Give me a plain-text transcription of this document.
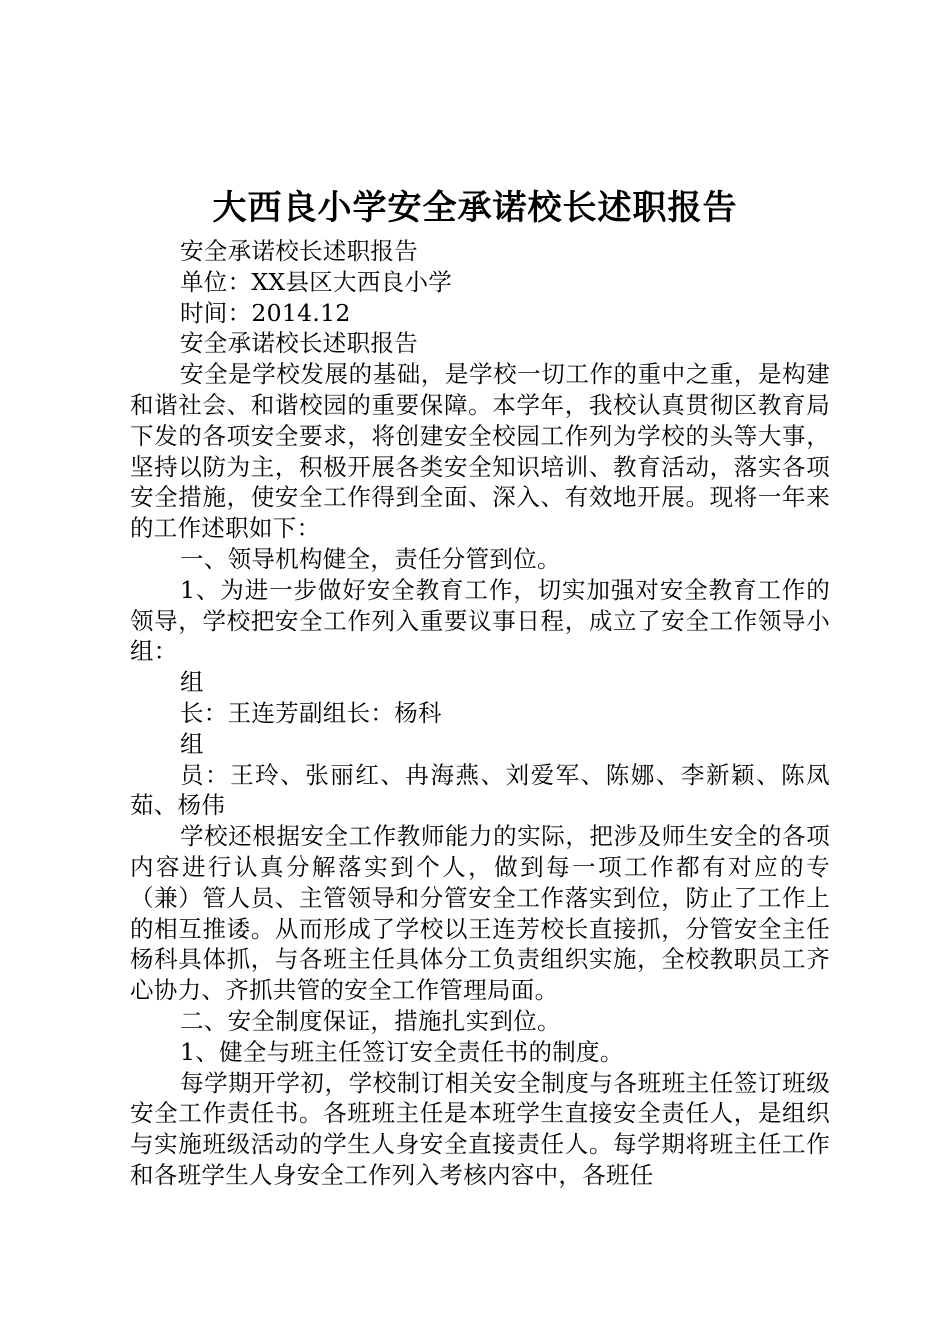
大西良小学安全承诺校长述职报告

安全承诺校长述职报告

单位：XX县区大西良小学

时间：2014.12

安全承诺校长述职报告

安全是学校发展的基础，是学校一切工作的重中之重，是构建和谐社会、和谐校园的重要保障。本学年，我校认真贯彻区教育局下发的各项安全要求，将创建安全校园工作列为学校的头等大事，坚持以防为主，积极开展各类安全知识培训、教育活动，落实各项安全措施，使安全工作得到全面、深入、有效地开展。现将一年来的工作述职如下：

一、领导机构健全，责任分管到位。

1、为进一步做好安全教育工作，切实加强对安全教育工作的领导，学校把安全工作列入重要议事日程，成立了安全工作领导小组：

组

长：王连芳副组长：杨科

组

员：王玲、张丽红、冉海燕、刘爱军、陈娜、李新颖、陈凤茹、杨伟

学校还根据安全工作教师能力的实际，把涉及师生安全的各项内容进行认真分解落实到个人，做到每一项工作都有对应的专（兼）管人员、主管领导和分管安全工作落实到位，防止了工作上的相互推诿。从而形成了学校以王连芳校长直接抓，分管安全主任杨科具体抓，与各班主任具体分工负责组织实施，全校教职员工齐心协力、齐抓共管的安全工作管理局面。

二、安全制度保证，措施扎实到位。

1、健全与班主任签订安全责任书的制度。

每学期开学初，学校制订相关安全制度与各班班主任签订班级安全工作责任书。各班班主任是本班学生直接安全责任人，是组织与实施班级活动的学生人身安全直接责任人。每学期将班主任工作和各班学生人身安全工作列入考核内容中，各班任
